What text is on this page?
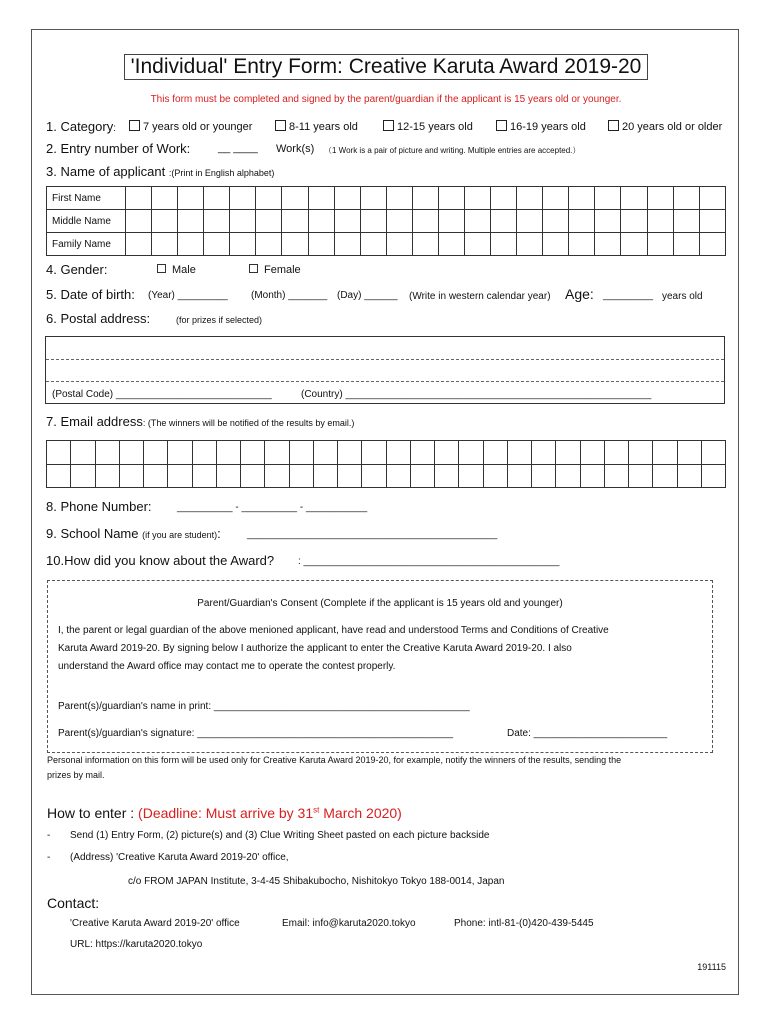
'Individual' Entry Form: Creative Karuta Award 2019-20
This form must be completed and signed by the parent/guardian if the applicant is 15 years old or younger.
1. Category:	7 years old or younger	8-11 years old	12-15 years old	16-19 years old	20 years old or older
2. Entry number of Work:	__ ____ Work(s) （1 Work is a pair of picture and writing. Multiple entries are accepted.）
3. Name of applicant :(Print in English alphabet)
First Name																							
Middle Name																							
Family Name																							
4. Gender:	Male	Female
5. Date of birth: (Year) _________ (Month) _______ (Day) ______ (Write in western calendar year) Age: _________ years old
6. Postal address:	(for prizes if selected)
(Postal Code) ____________________________	(Country) _______________________________________________________
7. Email address: (The winners will be notified of the results by email.)

8. Phone Number:	__________ - __________ - ___________
9. School Name (if you are student):	_____________________________________________
10.How did you know about the Award? : ______________________________________________
Parent/Guardian's Consent (Complete if the applicant is 15 years old and younger)
I, the parent or legal guardian of the above menioned applicant, have read and understood Terms and Conditions of Creative
Karuta Award 2019-20. By signing below I authorize the applicant to enter the Creative Karuta Award 2019-20. I also
understand the Award office may contact me to operate the contest properly.
Parent(s)/guardian's name in print: ______________________________________________
Parent(s)/guardian's signature: ______________________________________________	Date: ________________________
Personal information on this form will be used only for Creative Karuta Award 2019-20, for example, notify the winners of the results, sending the
prizes by mail.
How to enter : (Deadline: Must arrive by 31st March 2020)
- Send (1) Entry Form, (2) picture(s) and (3) Clue Writing Sheet pasted on each picture backside
- (Address) 'Creative Karuta Award 2019-20' office,
c/o FROM JAPAN Institute, 3-4-45 Shibakubocho, Nishitokyo Tokyo 188-0014, Japan
Contact:
'Creative Karuta Award 2019-20' office	Email: info@karuta2020.tokyo	Phone: intl-81-(0)420-439-5445
URL: https://karuta2020.tokyo
191115
